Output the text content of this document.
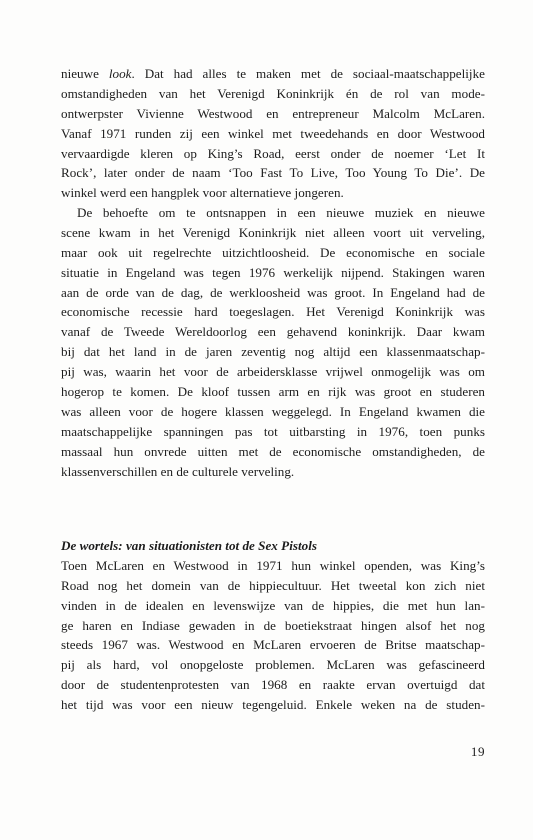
nieuwe look. Dat had alles te maken met de sociaal-maatschappelijke
omstandigheden van het Verenigd Koninkrijk én de rol van mode-
ontwerpster Vivienne Westwood en entrepreneur Malcolm McLaren.
Vanaf 1971 runden zij een winkel met tweedehands en door Westwood
vervaardigde kleren op King’s Road, eerst onder de noemer ‘Let It
Rock’, later onder de naam ‘Too Fast To Live, Too Young To Die’. De
winkel werd een hangplek voor alternatieve jongeren.
De behoefte om te ontsnappen in een nieuwe muziek en nieuwe
scene kwam in het Verenigd Koninkrijk niet alleen voort uit verveling,
maar ook uit regelrechte uitzichtloosheid. De economische en sociale
situatie in Engeland was tegen 1976 werkelijk nijpend. Stakingen waren
aan de orde van de dag, de werkloosheid was groot. In Engeland had de
economische recessie hard toegeslagen. Het Verenigd Koninkrijk was
vanaf de Tweede Wereldoorlog een gehavend koninkrijk. Daar kwam
bij dat het land in de jaren zeventig nog altijd een klassenmaatschap-
pij was, waarin het voor de arbeidersklasse vrijwel onmogelijk was om
hogerop te komen. De kloof tussen arm en rijk was groot en studeren
was alleen voor de hogere klassen weggelegd. In Engeland kwamen die
maatschappelijke spanningen pas tot uitbarsting in 1976, toen punks
massaal hun onvrede uitten met de economische omstandigheden, de
klassenverschillen en de culturele verveling.
De wortels: van situationisten tot de Sex Pistols
Toen McLaren en Westwood in 1971 hun winkel openden, was King’s
Road nog het domein van de hippiecultuur. Het tweetal kon zich niet
vinden in de idealen en levenswijze van de hippies, die met hun lan-
ge haren en Indiase gewaden in de boetiekstraat hingen alsof het nog
steeds 1967 was. Westwood en McLaren ervoeren de Britse maatschap-
pij als hard, vol onopgeloste problemen. McLaren was gefascineerd
door de studentenprotesten van 1968 en raakte ervan overtuigd dat
het tijd was voor een nieuw tegengeluid. Enkele weken na de studen-
19
